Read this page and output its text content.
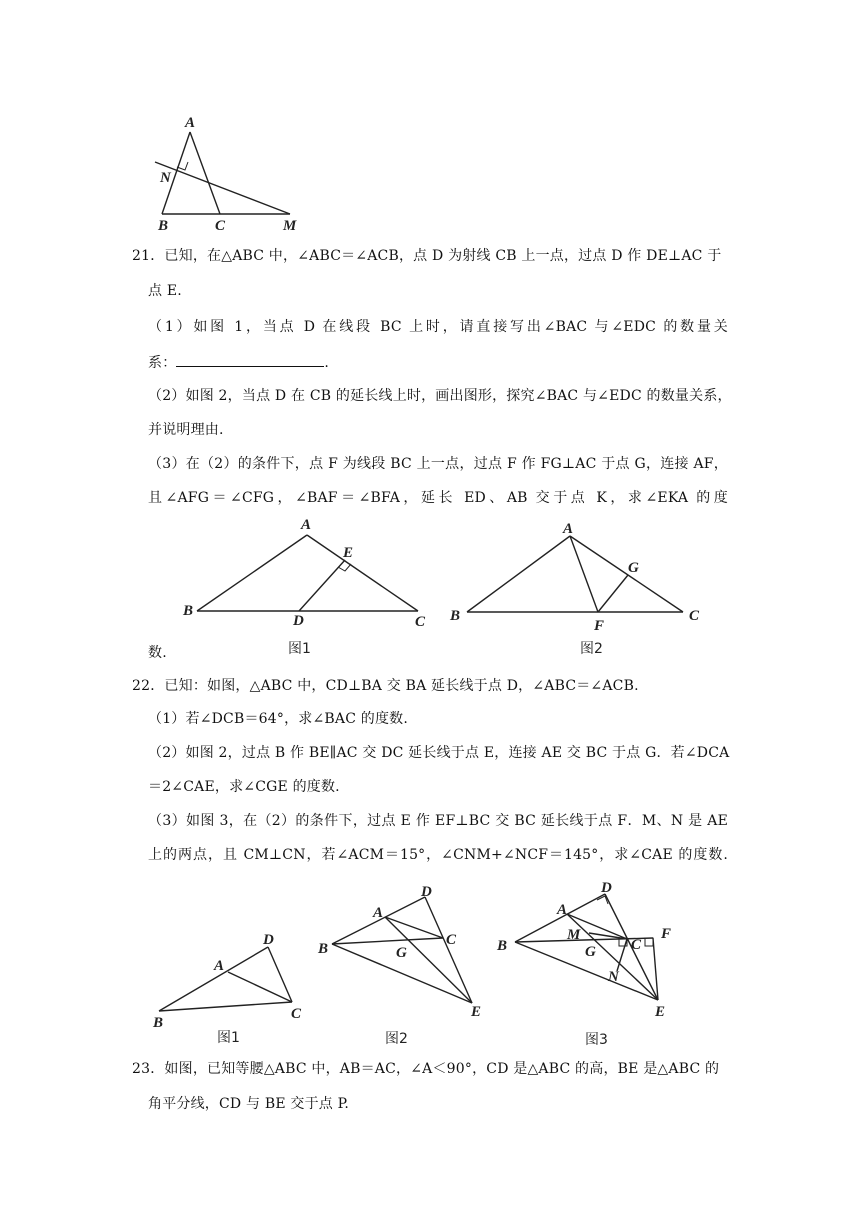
A
N
B	C	M
21．已知，在△ABC 中，∠ABC＝∠ACB，点 D 为射线 CB 上一点，过点 D 作 DE⊥AC 于
点 E.
（1）如图 1，当点 D 在线段 BC 上时，请直接写出∠BAC 与∠EDC 的数量关
系：	.
（2）如图 2，当点 D 在 CB 的延长线上时，画出图形，探究∠BAC 与∠EDC 的数量关系，
并说明理由.
（3）在（2）的条件下，点 F 为线段 BC 上一点，过点 F 作 FG⊥AC 于点 G，连接 AF，
且∠AFG＝∠CFG，∠BAF＝∠BFA，延长 ED、AB 交于点 K，求∠EKA 的度
A
E
B
D	C
图1
A
G
B
F
C
图2
数.
22．已知：如图，△ABC 中，CD⊥BA 交 BA 延长线于点 D，∠ABC＝∠ACB.
（1）若∠DCB＝64°，求∠BAC 的度数.
（2）如图 2，过点 B 作 BE∥AC 交 DC 延长线于点 E，连接 AE 交 BC 于点 G．若∠DCA
＝2∠CAE，求∠CGE 的度数.
（3）如图 3，在（2）的条件下，过点 E 作 EF⊥BC 交 BC 延长线于点 F．M、N 是 AE
上的两点，且 CM⊥CN，若∠ACM＝15°，∠CNM+∠NCF＝145°，求∠CAE 的度数.
D
A
B
C
图1
D
A
B
C
G
E
图2
D
A
M
B	G C
F
N
E
图3
23．如图，已知等腰△ABC 中，AB＝AC，∠A＜90°，CD 是△ABC 的高，BE 是△ABC 的
角平分线，CD 与 BE 交于点 P.
